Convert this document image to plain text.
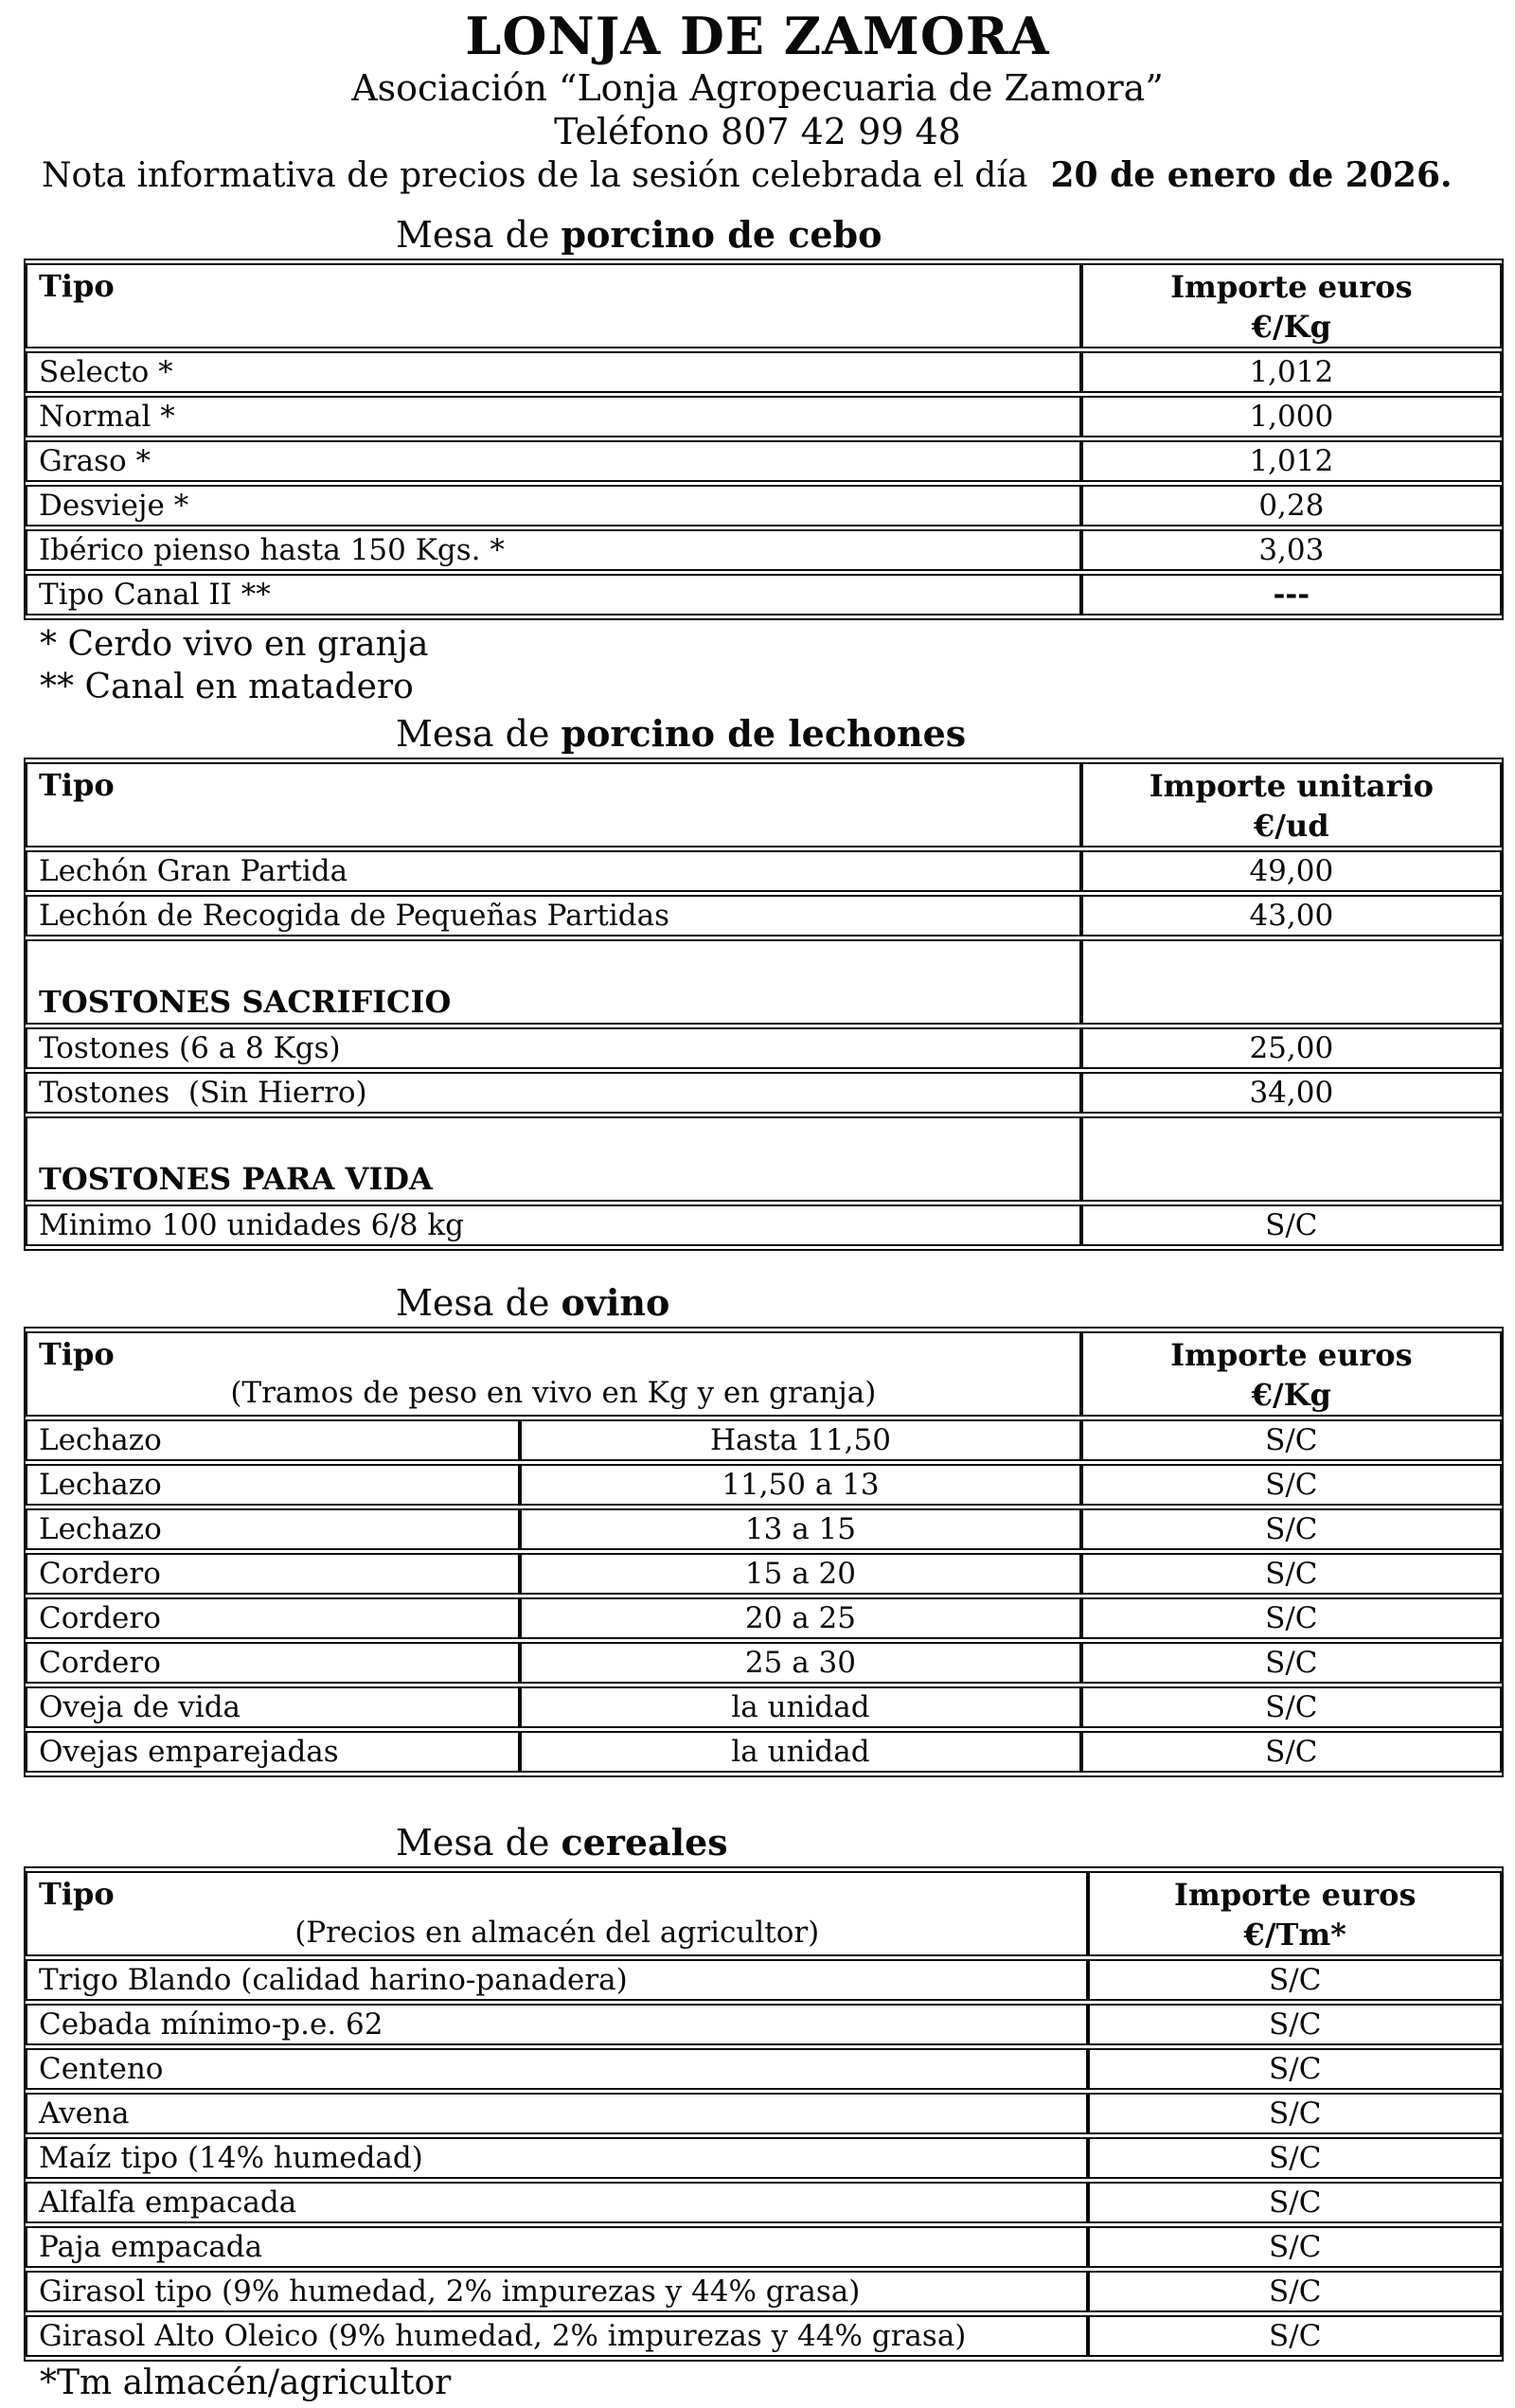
LONJA DE ZAMORA
Asociación “Lonja Agropecuaria de Zamora”
Teléfono 807 42 99 48
Nota informativa de precios de la sesión celebrada el día 20 de enero de 2026.
Mesa de porcino de cebo
Tipo	Importe euros
€/Kg

Selecto *	1,012
Normal *	1,000
Graso *	1,012
Desvieje *	0,28
Ibérico pienso hasta 150 Kgs. *	3,03
Tipo Canal II **	---
* Cerdo vivo en granja
** Canal en matadero
Mesa de porcino de lechones
Tipo	Importe unitario
€/ud

Lechón Gran Partida	49,00
Lechón de Recogida de Pequeñas Partidas	43,00
TOSTONES SACRIFICIO	
Tostones (6 a 8 Kgs)	25,00
Tostones  (Sin Hierro)	34,00
TOSTONES PARA VIDA	
Minimo 100 unidades 6/8 kg	S/C
Mesa de ovino
Tipo
(Tramos de peso en vivo en Kg y en granja)

Importe euros
€/Kg

Lechazo	Hasta 11,50	S/C
Lechazo	11,50 a 13	S/C
Lechazo	13 a 15	S/C
Cordero	15 a 20	S/C
Cordero	20 a 25	S/C
Cordero	25 a 30	S/C
Oveja de vida	la unidad	S/C
Ovejas emparejadas	la unidad	S/C
Mesa de cereales
Tipo
(Precios en almacén del agricultor)

Importe euros
€/Tm*

Trigo Blando (calidad harino-panadera)	S/C
Cebada mínimo-p.e. 62	S/C
Centeno	S/C
Avena	S/C
Maíz tipo (14% humedad)	S/C
Alfalfa empacada	S/C
Paja empacada	S/C
Girasol tipo (9% humedad, 2% impurezas y 44% grasa)	S/C
Girasol Alto Oleico (9% humedad, 2% impurezas y 44% grasa)	S/C
*Tm almacén/agricultor
